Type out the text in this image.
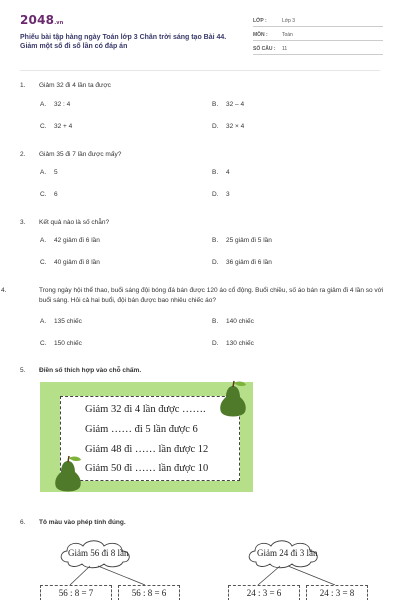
2048.vn
Phiếu bài tập hàng ngày Toán lớp 3 Chân trời sáng tạo Bài 44. Giảm một số đi số lần có đáp án
LỚP :	Lớp 3
MÔN :	Toán
SỐ CÂU : 11
1. Giảm 32 đi 4 lần ta được
A. 32 : 4	B. 32 – 4
C. 32 + 4	D. 32 × 4
2. Giảm 35 đi 7 lần được mấy?
A. 5	B. 4
C. 6	D. 3
3. Kết quả nào là số chẵn?
A. 42 giảm đi 6 lần	B. 25 giảm đi 5 lần
C. 40 giảm đi 8 lần	D. 36 giảm đi 6 lần
4.	Trong ngày hội thể thao, buổi sáng đội bóng đá bán được 120 áo cổ động. Buổi chiều, số áo bán ra giảm đi 4 lần so với buổi sáng. Hỏi cả hai buổi, đội bán được bao nhiêu chiếc áo?
A. 135 chiếc	B. 140 chiếc
C. 150 chiếc	D. 130 chiếc
5. Điền số thích hợp vào chỗ chấm.
Giảm 32 đi 4 lần được …….
Giảm …… đi 5 lần được 6
Giảm 48 đi …… lần được 12
Giảm 50 đi …… lần được 10
6. Tô màu vào phép tính đúng.
Giảm 56 đi 8 lần	Giảm 24 đi 3 lần
56 : 8 = 7	56 : 8 = 6	24 : 3 = 6	24 : 3 = 8
